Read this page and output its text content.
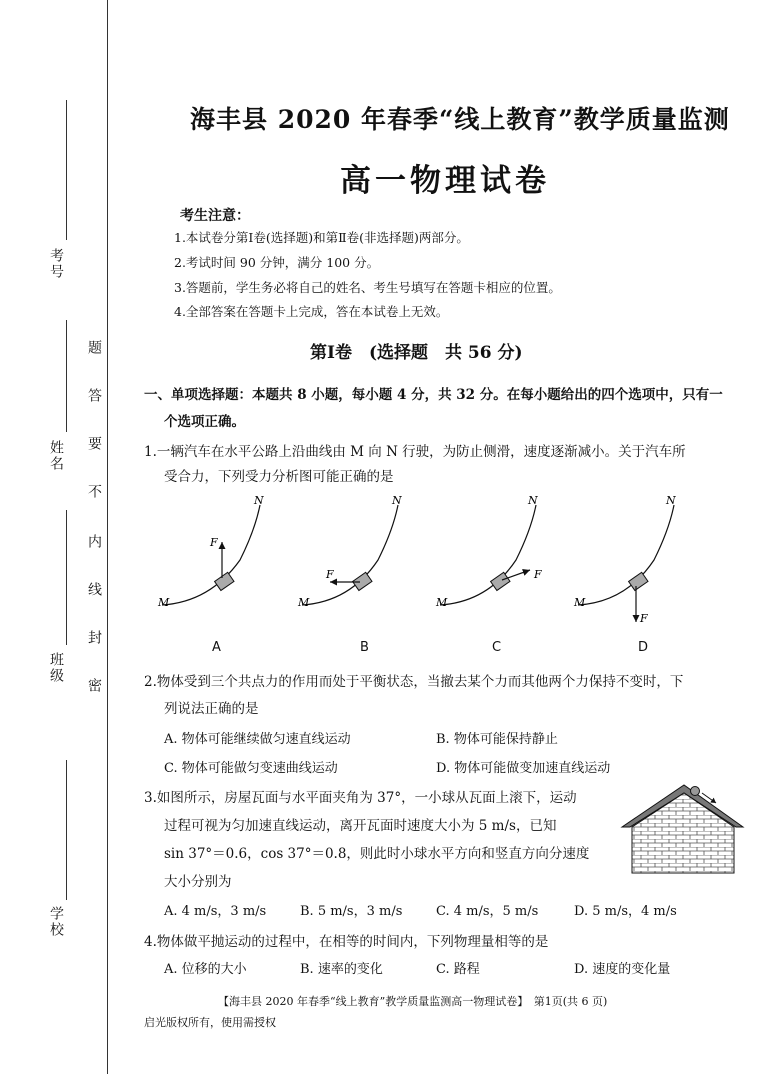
考号
姓名
班级
学校
题
答
要
不
内
线
封
密
海丰县 2020 年春季“线上教育”教学质量监测
高一物理试卷
考生注意：
1.本试卷分第Ⅰ卷(选择题)和第Ⅱ卷(非选择题)两部分。
2.考试时间 90 分钟，满分 100 分。
3.答题前，学生务必将自己的姓名、考生号填写在答题卡相应的位置。
4.全部答案在答题卡上完成，答在本试卷上无效。
第Ⅰ卷　(选择题　共 56 分)
一、单项选择题：本题共 8 小题，每小题 4 分，共 32 分。在每小题给出的四个选项中，只有一
个选项正确。
1.一辆汽车在水平公路上沿曲线由 M 向 N 行驶，为防止侧滑，速度逐渐减小。关于汽车所
受合力，下列受力分析图可能正确的是
F
M
N
F
M
N
F
M
N
F
M
N
A	B	C	D
2.物体受到三个共点力的作用而处于平衡状态，当撤去某个力而其他两个力保持不变时，下
列说法正确的是
A. 物体可能继续做匀速直线运动	B. 物体可能保持静止
C. 物体可能做匀变速曲线运动	D. 物体可能做变加速直线运动
3.如图所示，房屋瓦面与水平面夹角为 37°，一小球从瓦面上滚下，运动
过程可视为匀加速直线运动，离开瓦面时速度大小为 5 m/s，已知
sin 37°＝0.6，cos 37°＝0.8，则此时小球水平方向和竖直方向分速度
大小分别为
A. 4 m/s，3 m/s	B. 5 m/s，3 m/s	C. 4 m/s，5 m/s	D. 5 m/s，4 m/s
4.物体做平抛运动的过程中，在相等的时间内，下列物理量相等的是
A. 位移的大小	B. 速率的变化	C. 路程	D. 速度的变化量
【海丰县 2020 年春季“线上教育”教学质量监测高一物理试卷】　第1页(共 6 页)
启光版权所有，使用需授权
